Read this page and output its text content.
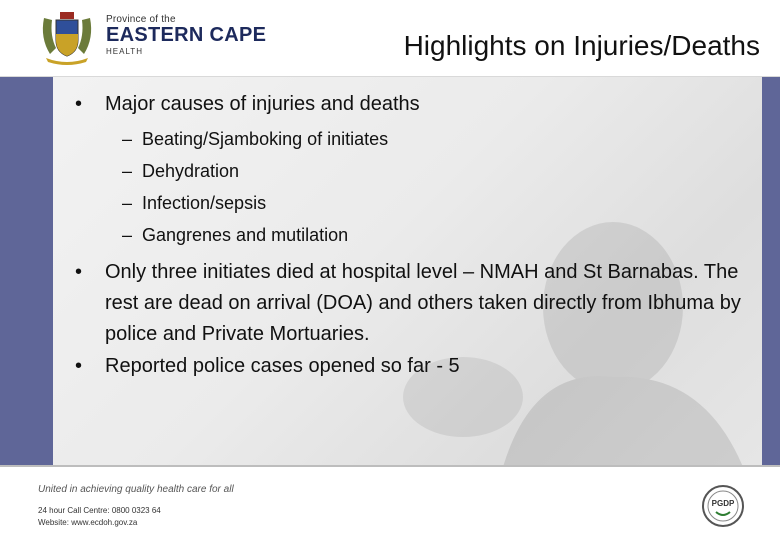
Province of the
EASTERN CAPE
HEALTH	Highlights on Injuries/Deaths
•	Major causes of injuries and deaths
– Beating/Sjamboking of initiates
– Dehydration
– Infection/sepsis
– Gangrenes and mutilation
•	Only three initiates died at hospital level – NMAH and St Barnabas. The rest are dead on arrival (DOA) and others taken directly from Ibhuma by police and Private Mortuaries.
•	Reported police cases opened so far - 5
United in achieving quality health care for all
24 hour Call Centre: 0800 0323 64
Website: www.ecdoh.gov.za
PGDP
